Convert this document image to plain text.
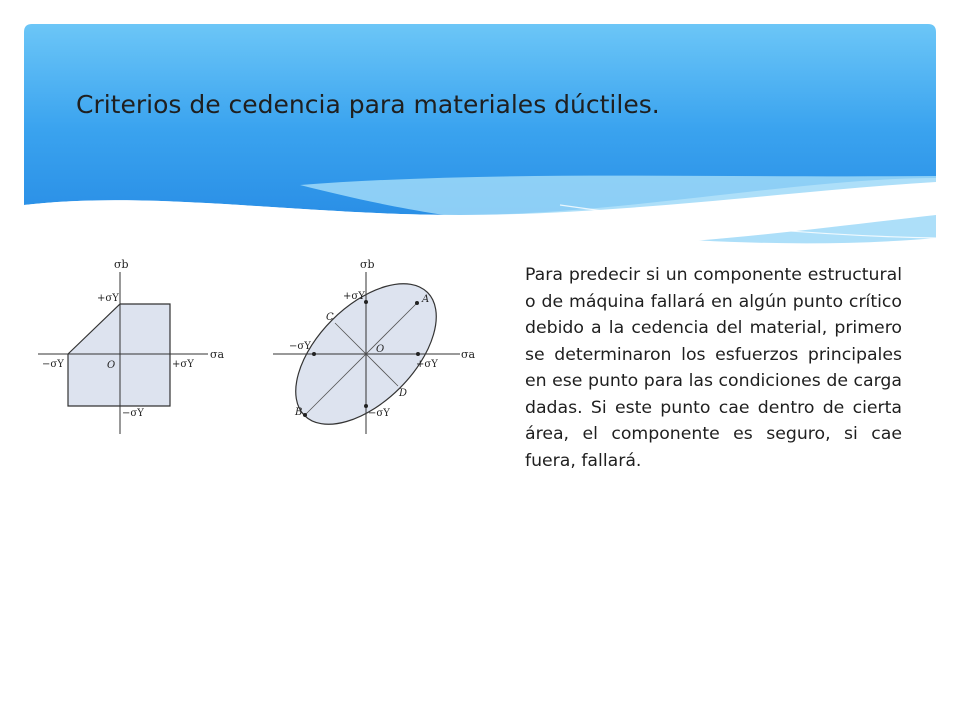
Criterios de cedencia para materiales dúctiles.
σb
σa
+σY
−σY	+σY
−σY
O
σb
σa
+σY
−σY
+σY
−σY
O
A
B
C
D
Para predecir si un componente estructural o de máquina fallará en algún punto crítico debido a la cedencia del material, primero se determinaron los esfuerzos principales en ese punto para las condiciones de carga dadas. Si este punto cae dentro de cierta área, el componente es seguro, si cae fuera, fallará.
